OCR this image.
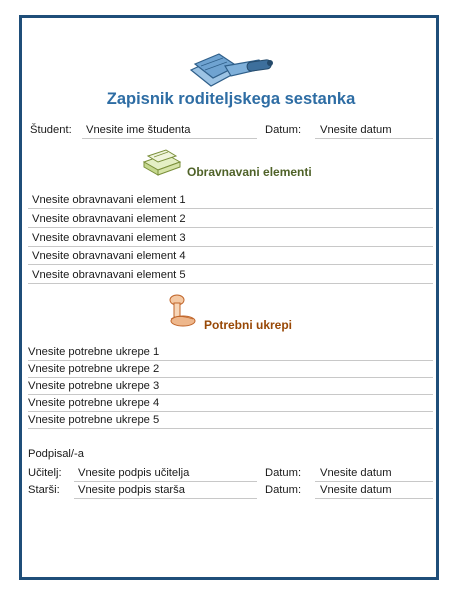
Zapisnik roditeljskega sestanka
Študent: Vnesite ime študenta	Datum: Vnesite datum
Obravnavani elementi
Vnesite obravnavani element 1
Vnesite obravnavani element 2
Vnesite obravnavani element 3
Vnesite obravnavani element 4
Vnesite obravnavani element 5
Potrebni ukrepi
Vnesite potrebne ukrepe 1
Vnesite potrebne ukrepe 2
Vnesite potrebne ukrepe 3
Vnesite potrebne ukrepe 4
Vnesite potrebne ukrepe 5
Podpisal/-a
Učitelj: Vnesite podpis učitelja	Datum: Vnesite datum
Starši: Vnesite podpis starša	Datum: Vnesite datum
